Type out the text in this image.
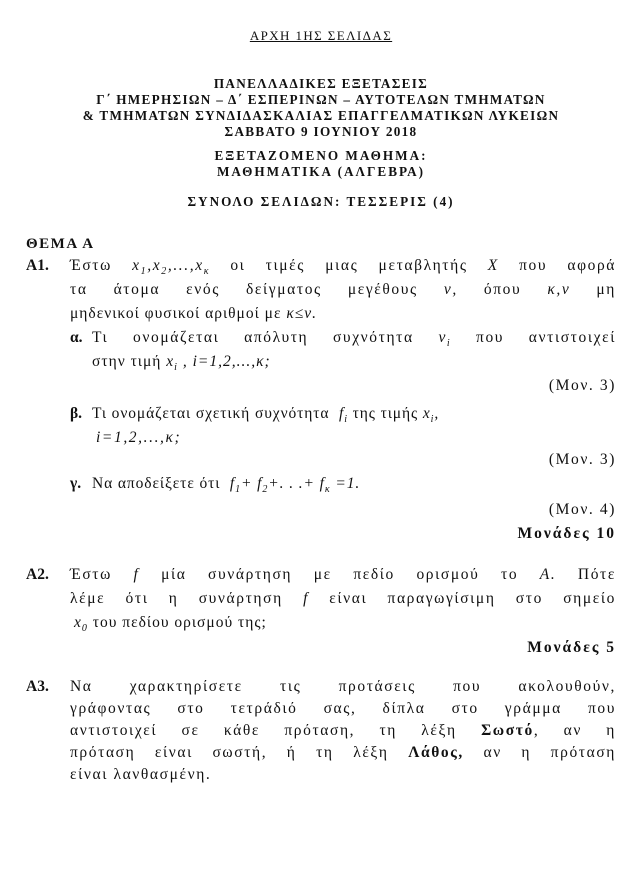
ΑΡΧΗ 1ΗΣ ΣΕΛΙΔΑΣ
ΠΑΝΕΛΛΑΔΙΚΕΣ ΕΞΕΤΑΣΕΙΣ
Γ΄ ΗΜΕΡΗΣΙΩΝ – Δ΄ ΕΣΠΕΡΙΝΩΝ – ΑΥΤΟΤΕΛΩΝ ΤΜΗΜΑΤΩΝ
& ΤΜΗΜΑΤΩΝ ΣΥΝΔΙΔΑΣΚΑΛΙΑΣ ΕΠΑΓΓΕΛΜΑΤΙΚΩΝ ΛΥΚΕΙΩΝ
ΣΑΒΒΑΤΟ 9 ΙΟΥΝΙΟΥ 2018
ΕΞΕΤΑΖΟΜΕΝΟ ΜΑΘΗΜΑ:
ΜΑΘΗΜΑΤΙΚΑ (ΑΛΓΕΒΡΑ)
ΣΥΝΟΛΟ ΣΕΛΙΔΩΝ: ΤΕΣΣΕΡΙΣ (4)
ΘΕΜΑ Α
Α1. Έστω $x_1,x_2,...,x_\kappa$ οι τιμές μιας μεταβλητής X που αφορά
τα άτομα ενός δείγματος μεγέθους ν, όπου κ,ν μη
μηδενικοί φυσικοί αριθμοί με κ≤ν.
α. Τι ονομάζεται απόλυτη συχνότητα $\nu_i$ που αντιστοιχεί
στην τιμή $x_i$ , i=1,2,...,κ;
(Μον. 3)
β. Τι ονομάζεται σχετική συχνότητα  $f_i$ της τιμής $x_i$,
i=1,2,...,κ;
(Μον. 3)
γ. Να αποδείξετε ότι  $f_1+ f_2+$. . .+ $f_\kappa =1$.
(Μον. 4)
Μονάδες 10
Α2. Έστω f μία συνάρτηση με πεδίο ορισμού το A. Πότε
λέμε ότι η συνάρτηση f είναι παραγωγίσιμη στο σημείο
$x_0$ του πεδίου ορισμού της;
Μονάδες 5
Α3. Να χαρακτηρίσετε τις προτάσεις που ακολουθούν,
γράφοντας στο τετράδιό σας, δίπλα στο γράμμα που
αντιστοιχεί σε κάθε πρόταση, τη λέξη Σωστό, αν η
πρόταση είναι σωστή, ή τη λέξη Λάθος, αν η πρόταση
είναι λανθασμένη.
